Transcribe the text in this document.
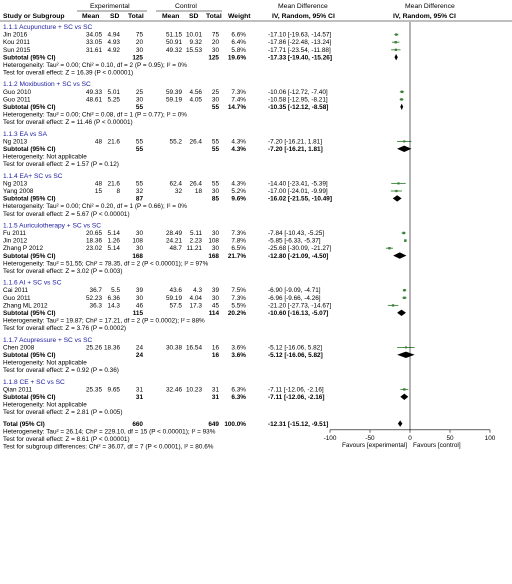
Experimental	Control	Mean Difference	Mean Difference
Study or Subgroup	Mean SD Total	Mean SD Total Weight	IV, Random, 95% CI	IV, Random, 95% CI
1.1.1 Acupuncture + SC vs SC
Jin 2016	34.05 4.94 75	51.15 10.01 75 6.6%	-17.10 [-19.63, -14.57]
Kou 2011	33.05 4.93 20	50.91 9.32 20 6.4%	-17.86 [-22.48, -13.24]
Sun 2015	31.61 4.92 30	49.32 15.53 30 5.8%	-17.71 [-23.54, -11.88]
Subtotal (95% CI)	125	125 19.6%	-17.33 [-19.40, -15.26]
Heterogeneity: Tau² = 0.00; Chi² = 0.10, df = 2 (P = 0.95); I² = 0%
Test for overall effect: Z = 16.39 (P < 0.00001)
1.1.2 Moxibustion + SC vs SC
Guo 2010	49.33 5.01 25	59.39 4.56 25 7.3%	-10.06 [-12.72, -7.40]
Guo 2011	48.61 5.25 30	59.19 4.05 30 7.4%	-10.58 [-12.95, -8.21]
Subtotal (95% CI)	55	55 14.7%	-10.35 [-12.12, -8.58]
Heterogeneity: Tau² = 0.00; Chi² = 0.08, df = 1 (P = 0.77); I² = 0%
Test for overall effect: Z = 11.46 (P < 0.00001)
1.1.3 EA vs SA
Ng 2013	48 21.6 55	55.2 26.4 55 4.3%	-7.20 [-16.21, 1.81]
Subtotal (95% CI)	55	55 4.3%	-7.20 [-16.21, 1.81]
Heterogeneity: Not applicable
Test for overall effect: Z = 1.57 (P = 0.12)
1.1.4 EA+ SC vs SC
Ng 2013	48 21.6 55	62.4 26.4 55 4.3%	-14.40 [-23.41, -5.39]
Yang 2008	15 8 32	32 18 30 5.2%	-17.00 [-24.01, -9.99]
Subtotal (95% CI)	87	85 9.6%	-16.02 [-21.55, -10.49]
Heterogeneity: Tau² = 0.00; Chi² = 0.20, df = 1 (P = 0.66); I² = 0%
Test for overall effect: Z = 5.67 (P < 0.00001)
1.1.5 Auriculotherapy + SC vs SC
Fu 2011	20.65 5.14 30	28.49 5.11 30 7.3%	-7.84 [-10.43, -5.25]
Jin 2012	18.36 1.26 108	24.21 2.23 108 7.8%	-5.85 [-6.33, -5.37]
Zhang P 2012	23.02 5.14 30	48.7 11.21 30 6.5%	-25.68 [-30.09, -21.27]
Subtotal (95% CI)	168	168 21.7%	-12.80 [-21.09, -4.50]
Heterogeneity: Tau² = 51.55; Chi² = 78.35, df = 2 (P < 0.00001); I² = 97%
Test for overall effect: Z = 3.02 (P = 0.003)
1.1.6 AI + SC vs SC
Cai 2011	36.7 5.5 39	43.6 4.3 39 7.5%	-6.90 [-9.09, -4.71]
Guo 2011	52.23 6.36 30	59.19 4.04 30 7.3%	-6.96 [-9.66, -4.26]
Zhang ML 2012	36.3 14.3 46	57.5 17.3 45 5.5%	-21.20 [-27.73, -14.67]
Subtotal (95% CI)	115	114 20.2%	-10.60 [-16.13, -5.07]
Heterogeneity: Tau² = 19.87; Chi² = 17.21, df = 2 (P = 0.0002); I² = 88%
Test for overall effect: Z = 3.76 (P = 0.0002)
1.1.7 Acupressure + SC vs SC
Chen 2008	25.26 18.36 24	30.38 16.54 16 3.6%	-5.12 [-16.06, 5.82]
Subtotal (95% CI)	24	16 3.6%	-5.12 [-16.06, 5.82]
Heterogeneity: Not applicable
Test for overall effect: Z = 0.92 (P = 0.36)
1.1.8 CE + SC vs SC
Qian 2011	25.35 9.65 31	32.46 10.23 31 6.3%	-7.11 [-12.06, -2.16]
Subtotal (95% CI)	31	31 6.3%	-7.11 [-12.06, -2.16]
Heterogeneity: Not applicable
Test for overall effect: Z = 2.81 (P = 0.005)
Total (95% CI)	660	649 100.0%	-12.31 [-15.12, -9.51]
Heterogeneity: Tau² = 26.14; Chi² = 229.10, df = 15 (P < 0.00001); I² = 93%
Test for overall effect: Z = 8.61 (P < 0.00001)
Test for subgroup differences: Chi² = 36.07, df = 7 (P < 0.0001), I² = 80.6%
-100	-50	0	50	100
Favours [experimental] Favours [control]
